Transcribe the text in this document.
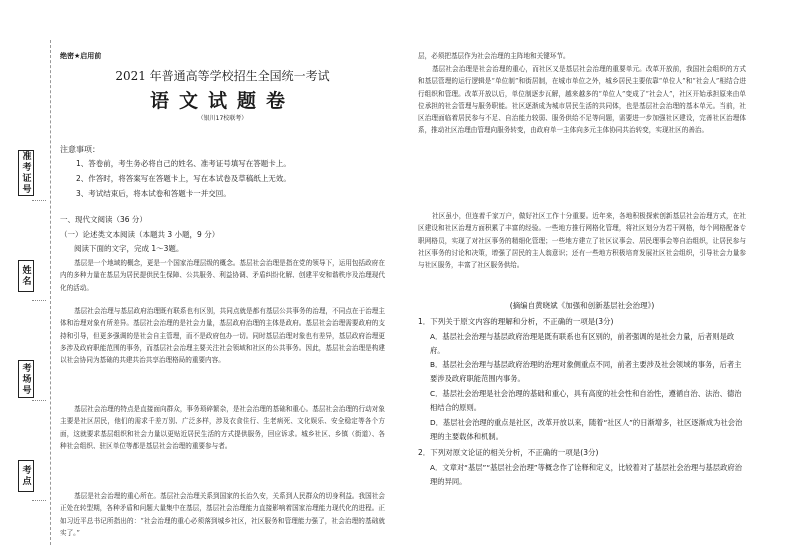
准考证号
姓名
考场号
考点
绝密★启用前
2021 年普通高等学校招生全国统一考试
语文试题卷
（银川17校联考）
注意事项：
1、答卷前，考生务必将自己的姓名、准考证号填写在答题卡上。
2、作答时，将答案写在答题卡上，写在本试卷及草稿纸上无效。
3、考试结束后，将本试卷和答题卡一并交回。
一、现代文阅读（36 分）
（一）论述类文本阅读（本题共 3 小题，9 分）
阅读下面的文字，完成 1～3题。
基层是一个地域的概念，更是一个国家治理层级的概念。基层社会治理是指在党的领导下，运用包括政府在内的多种力量在基层为居民提供民生保障、公共服务、利益协调、矛盾纠纷化解、创建平安和谐秩序及治理现代化的活动。
基层社会治理与基层政府治理既有联系也有区别，共同点就是都有基层公共事务的治理，不同点在于治理主体和治理对象有所差异。基层社会治理的是社会力量，基层政府治理的主体是政府。基层社会治理需要政府的支持和引导，但更多强调的是社会自主管理，而不是政府包办一切。同时基层治理对象也有差异，基层政府治理更多涉及政府职能范围的事务，而基层社会治理主要关注社会领域和社区的公共事务。因此，基层社会治理是构建以社会协同为基础的共建共治共享治理格局的重要内容。
基层社会治理的特点是直接面向群众，事务琐碎繁杂，是社会治理的基础和重心。基层社会治理的行动对象主要是社区居民，他们的需求千差万别、广泛多样，涉及衣食住行、生老病死、文化娱乐、安全稳定等各个方面，这就要求基层组织和社会力量以更贴近居民生活的方式提供服务，回应诉求。城乡社区、乡镇（街道）、各种社会组织、驻区单位等都是基层社会治理的重要参与者。
基层是社会治理的重心所在。基层社会治理关系到国家的长治久安，关系到人民群众的切身利益。我国社会正处在转型期，各种矛盾和问题大量集中在基层，基层社会治理能力直接影响着国家治理能力现代化的进程。正如习近平总书记所指出的：“社会治理的重心必须落到城乡社区，社区服务和管理能力强了，社会治理的基础就实了。”
层，必须把基层作为社会治理的主阵地和关键环节。
基层社会治理是社会治理的重心，而社区又是基层社会治理的重要单元。改革开放前，我国社会组织的方式和基层管理的运行逻辑是“单位制”和街居制，在城市单位之外，城乡居民主要依靠“单位人”和“社会人”相结合进行组织和管理。改革开放以后，单位制逐步瓦解，越来越多的“单位人”变成了“社会人”，社区开始承担原来由单位承担的社会管理与服务职能。社区逐渐成为城市居民生活的共同体，也是基层社会治理的基本单元。当前，社区治理面临着居民参与不足、自治能力较弱、服务供给不足等问题，需要进一步加强社区建设，完善社区治理体系，推动社区治理由管理向服务转变，由政府单一主体向多元主体协同共治转变，实现社区的善治。
社区虽小，但连着千家万户，做好社区工作十分重要。近年来，各地积极探索创新基层社会治理方式，在社区建设和社区治理方面积累了丰富的经验。一些地方推行网格化管理，将社区划分为若干网格，每个网格配备专职网格员，实现了对社区事务的精细化管理；一些地方建立了社区议事会、居民理事会等自治组织，让居民参与社区事务的讨论和决策，增强了居民的主人翁意识；还有一些地方积极培育发展社区社会组织，引导社会力量参与社区服务，丰富了社区服务供给。
(摘编自黄晓斌《加强和创新基层社会治理》)
1．下列关于原文内容的理解和分析，不正确的一项是(3分)
A．基层社会治理与基层政府治理是既有联系也有区别的，前者强调的是社会力量，后者则是政府。
B．基层社会治理与基层政府治理的治理对象侧重点不同，前者主要涉及社会领域的事务，后者主要涉及政府职能范围内事务。
C．基层社会治理是社会治理的基础和重心，具有高度的社会性和自治性，遵循自治、法治、德治相结合的原则。
D．基层社会治理的重点是社区，改革开放以来，随着“社区人”的日渐增多，社区逐渐成为社会治理的主要载体和机制。
2．下列对原文论证的相关分析，不正确的一项是(3分)
A．文章对“基层”“基层社会治理”等概念作了诠释和定义，比较着对了基层社会治理与基层政府治理的异同。
